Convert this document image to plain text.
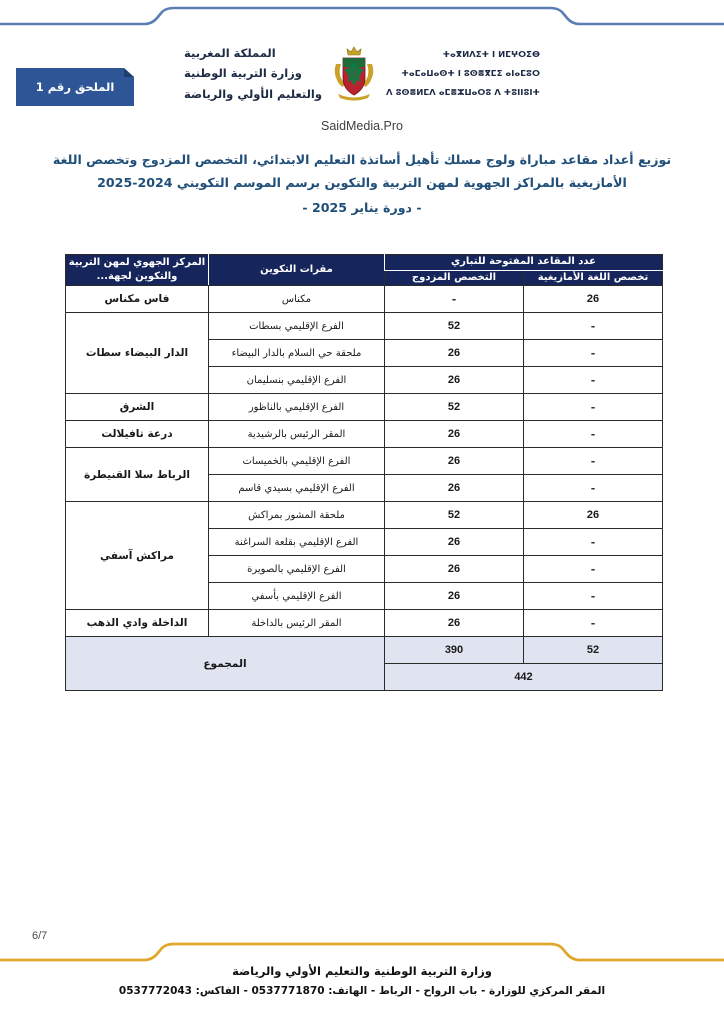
ⵜⴰⴳⵍⴷⵉⵜ ⵏ ⵍⵎⵖⵔⵉⴱ
ⵜⴰⵎⴰⵡⴰⵙⵜ ⵏ ⵓⵙⴻⴳⵎⵉ ⴰⵏⴰⵎⵓⵔ
ⴷ ⵓⵙⴻⵍⵎⴷ ⴰⵎⴻⵣⵡⴰⵔⵓ ⴷ ⵜⵓⵏⵏⵓⵏⵜ
المملكة المغربية
وزارة التربية الوطنية
والتعليم الأولي والرياضة
الملحق رقم 1
SaidMedia.Pro
توزيع أعداد مقاعد مباراة ولوج مسلك تأهيل أساتذة التعليم الابتدائي، التخصص المزدوج وتخصص اللغة الأمازيغية بالمراكز الجهوية لمهن التربية والتكوين برسم الموسم التكويني 2024-2025
- دورة يناير 2025 -
عدد المقاعد المفتوحة للتباري		مقرات التكوين	المركز الجهوي لمهن التربية والتكوين لجهة...
تخصص اللغة الأمازيغية	التخصص المزدوج		
26	-	مكناس	فاس مكناس
-	52	الفرع الإقليمي بسطات	الدار البيضاء سطات
-	26	ملحقة حي السلام بالدار البيضاء	
-	26	الفرع الإقليمي بنسليمان	
-	52	الفرع الإقليمي بالناظور	الشرق
-	26	المقر الرئيس بالرشيدية	درعة تافيلالت
-	26	الفرع الإقليمي بالخميسات	الرباط سلا القنيطرة
-	26	الفرع الإقليمي بسيدي قاسم	
26	52	ملحقة المشور بمراكش	مراكش آسفي
-	26	الفرع الإقليمي بقلعة السراغنة	
-	26	الفرع الإقليمي بالصويرة	
-	26	الفرع الإقليمي بأسفي	
-	26	المقر الرئيس بالداخلة	الداخلة وادي الذهب
52	390	المجموع	
442			
6/7
وزارة التربية الوطنية والتعليم الأولي والرياضة
المقر المركزي للوزارة - باب الرواح - الرباط - الهاتف: 0537771870 - الفاكس: 0537772043
